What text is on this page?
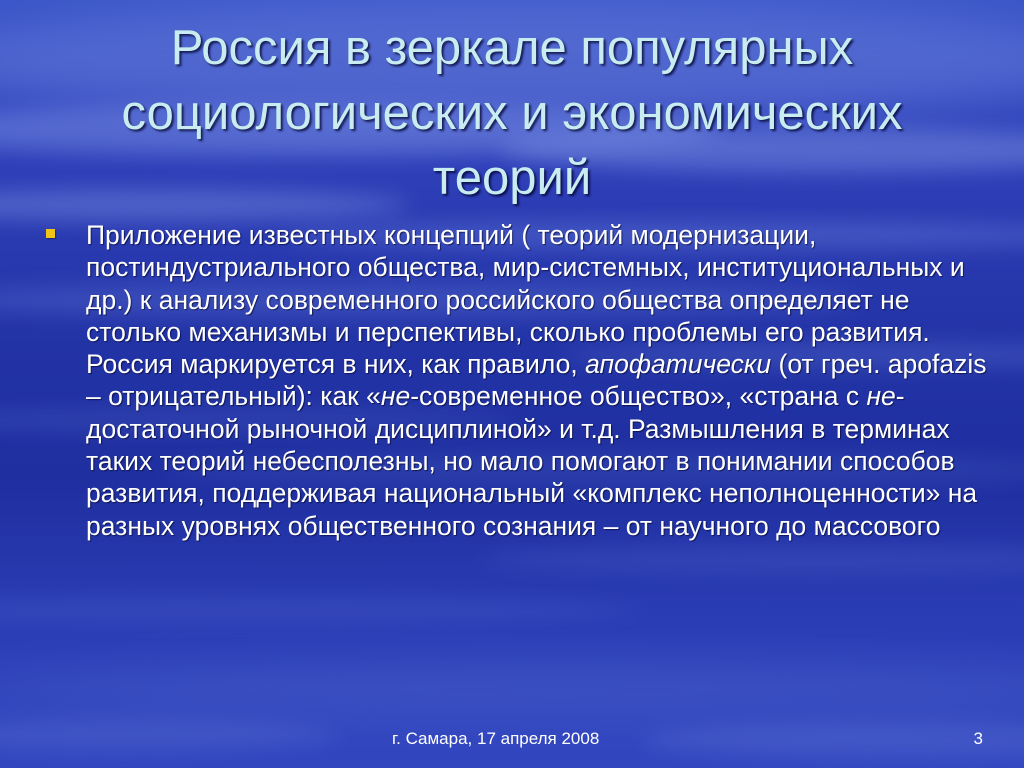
Россия в зеркале популярных социологических и экономических теорий

Приложение известных концепций ( теорий модернизации, постиндустриального общества, мир-системных, институциональных и др.) к анализу современного российского общества определяет не столько механизмы и перспективы, сколько проблемы его развития. Россия маркируется в них, как правило, апофатически (от греч. apofazis – отрицательный): как «не-современное общество», «страна с не-достаточной рыночной дисциплиной» и т.д. Размышления в терминах таких теорий небесполезны, но мало помогают в понимании способов развития, поддерживая национальный «комплекс неполноценности» на разных уровнях общественного сознания – от научного до массового

г. Самара, 17 апреля 2008	3
